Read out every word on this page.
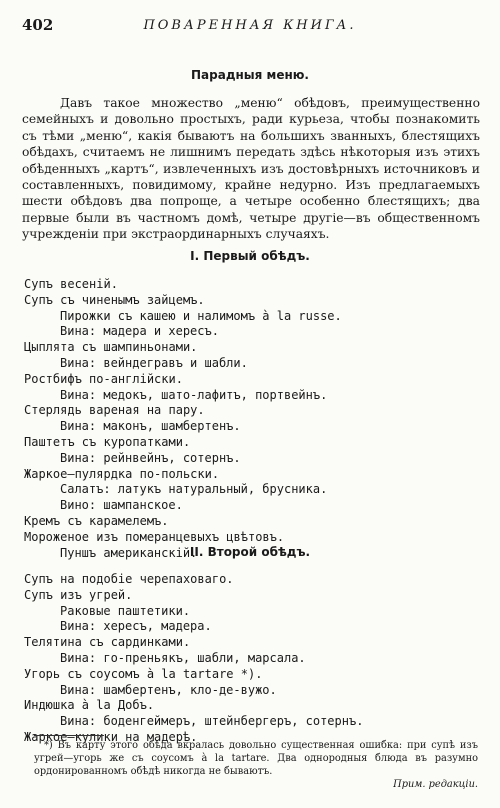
402	ПОВАРЕННАЯ КНИГА.
Парадныя меню.

Давъ такое множество „меню“ обѣдовъ, преимущественно семейныхъ и довольно простыхъ, ради курьеза, чтобы познакомить съ тѣми „меню“, какія бываютъ на большихъ званныхъ, блестящихъ обѣдахъ, считаемъ не лишнимъ передать здѣсь нѣкоторыя изъ этихъ обѣденныхъ „картъ“, извлеченныхъ изъ достовѣрныхъ источниковъ и составленныхъ, повидимому, крайне недурно. Изъ предлагаемыхъ шести обѣдовъ два попроще, а четыре особенно блестящихъ; два первые были въ частномъ домѣ, четыре другіе—въ общественномъ учрежденіи при экстраординарныхъ случаяхъ.

I. Первый обѣдъ.
Супъ весеній.
Супъ съ чиненымъ зайцемъ.
Пирожки съ кашею и налимомъ à la russe.
Вина: мадера и хересъ.
Цыплята съ шампиньонами.
Вина: вейндегравъ и шабли.
Ростбифъ по-англійски.
Вина: медокъ, шато-лафитъ, портвейнъ.
Стерлядь вареная на пару.
Вина: маконъ, шамбертенъ.
Паштетъ съ куропатками.
Вина: рейнвейнъ, сотернъ.
Жаркое—пулярдка по-польски.
Салатъ: латукъ натуральный, брусника.
Вино: шампанское.
Кремъ съ карамелемъ.
Мороженое изъ померанцевыхъ цвѣтовъ.
Пуншъ американскій.
II. Второй обѣдъ.
Супъ на подобіе черепаховаго.
Супъ изъ угрей.
Раковые паштетики.
Вина: хересъ, мадера.
Телятина съ сардинками.
Вина: го-преньякъ, шабли, марсала.
Угорь съ соусомъ à la tartare *).
Вина: шамбертенъ, кло-де-вужо.
Индюшка à la Добъ.
Вина: боденгеймеръ, штейнбергеръ, сотернъ.
Жаркое—кулики на мадерѣ.

*) Въ карту этого обѣда вкралась довольно существенная ошибка: при супѣ изъ угрей—угорь же съ соусомъ à la tartare. Два однородныя блюда въ разумно ордонированномъ обѣдѣ никогда не бываютъ.
Прим. редакціи.
